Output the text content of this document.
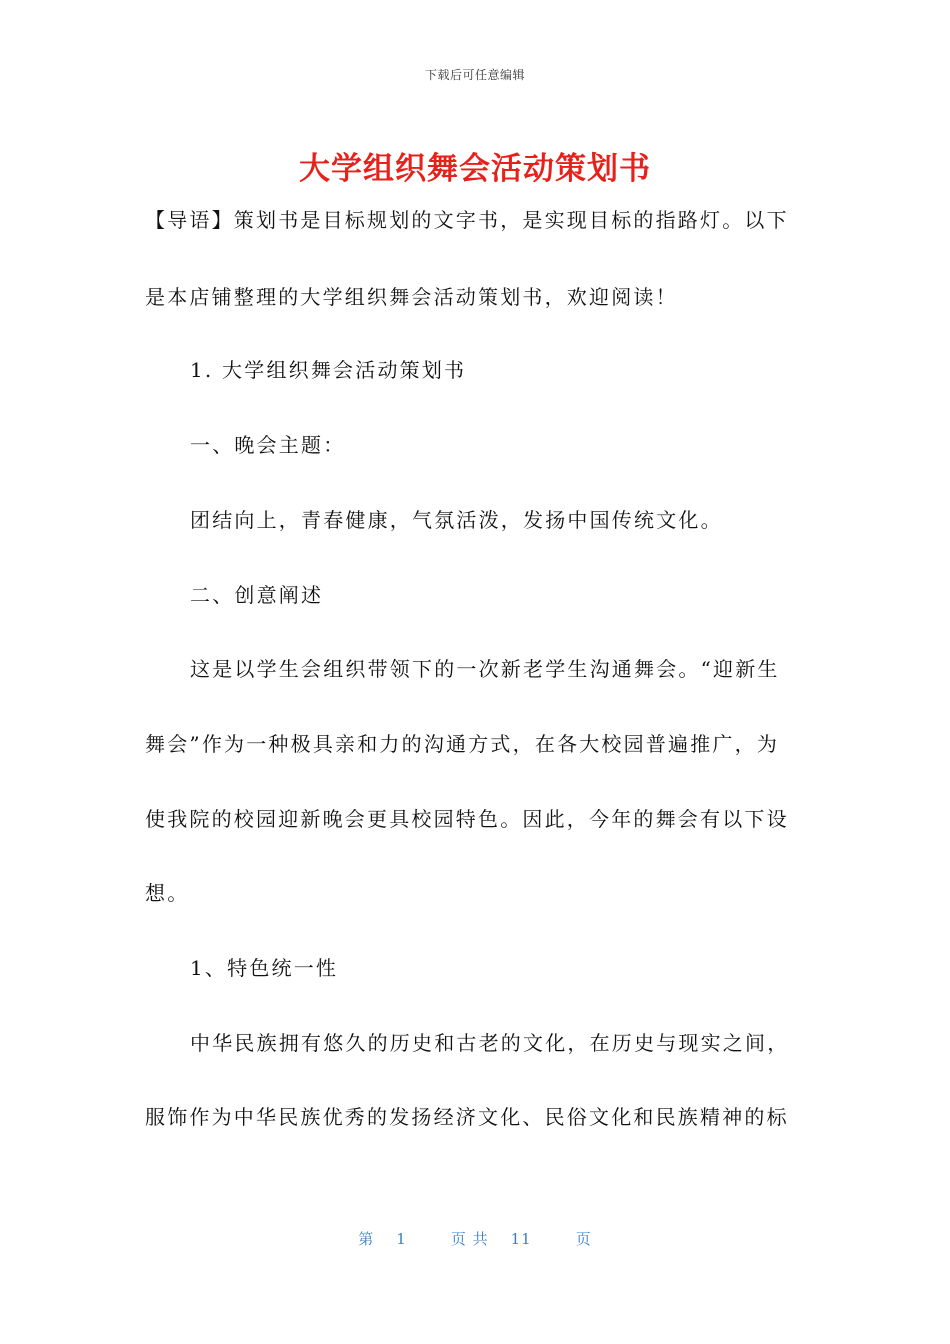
下载后可任意编辑
大学组织舞会活动策划书
【导语】策划书是目标规划的文字书，是实现目标的指路灯。以下
是本店铺整理的大学组织舞会活动策划书，欢迎阅读！
1. 大学组织舞会活动策划书
一、晚会主题：
团结向上，青春健康，气氛活泼，发扬中国传统文化。
二、创意阐述
这是以学生会组织带领下的一次新老学生沟通舞会。“迎新生
舞会”作为一种极具亲和力的沟通方式，在各大校园普遍推广，为
使我院的校园迎新晚会更具校园特色。因此，今年的舞会有以下设
想。
1、特色统一性
中华民族拥有悠久的历史和古老的文化，在历史与现实之间，
服饰作为中华民族优秀的发扬经济文化、民俗文化和民族精神的标
第 1	页 共 11	页
